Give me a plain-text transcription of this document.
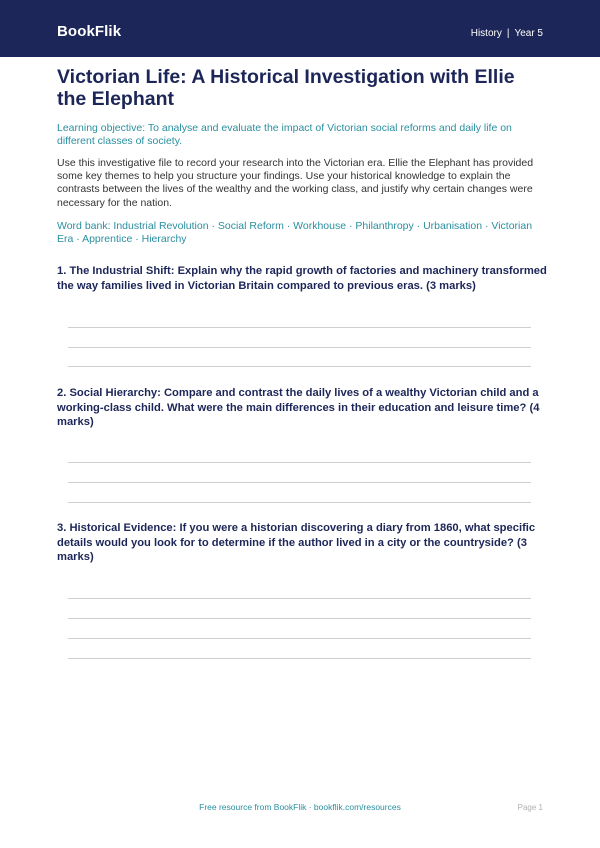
BookFlik	History | Year 5
Victorian Life: A Historical Investigation with Ellie the Elephant
Learning objective: To analyse and evaluate the impact of Victorian social reforms and daily life on different classes of society.
Use this investigative file to record your research into the Victorian era. Ellie the Elephant has provided some key themes to help you structure your findings. Use your historical knowledge to explain the contrasts between the lives of the wealthy and the working class, and justify why certain changes were necessary for the nation.
Word bank: Industrial Revolution · Social Reform · Workhouse · Philanthropy · Urbanisation · Victorian Era · Apprentice · Hierarchy
1. The Industrial Shift: Explain why the rapid growth of factories and machinery transformed the way families lived in Victorian Britain compared to previous eras. (3 marks)
2. Social Hierarchy: Compare and contrast the daily lives of a wealthy Victorian child and a working-class child. What were the main differences in their education and leisure time? (4 marks)
3. Historical Evidence: If you were a historian discovering a diary from 1860, what specific details would you look for to determine if the author lived in a city or the countryside? (3 marks)
Free resource from BookFlik · bookflik.com/resources	Page 1
